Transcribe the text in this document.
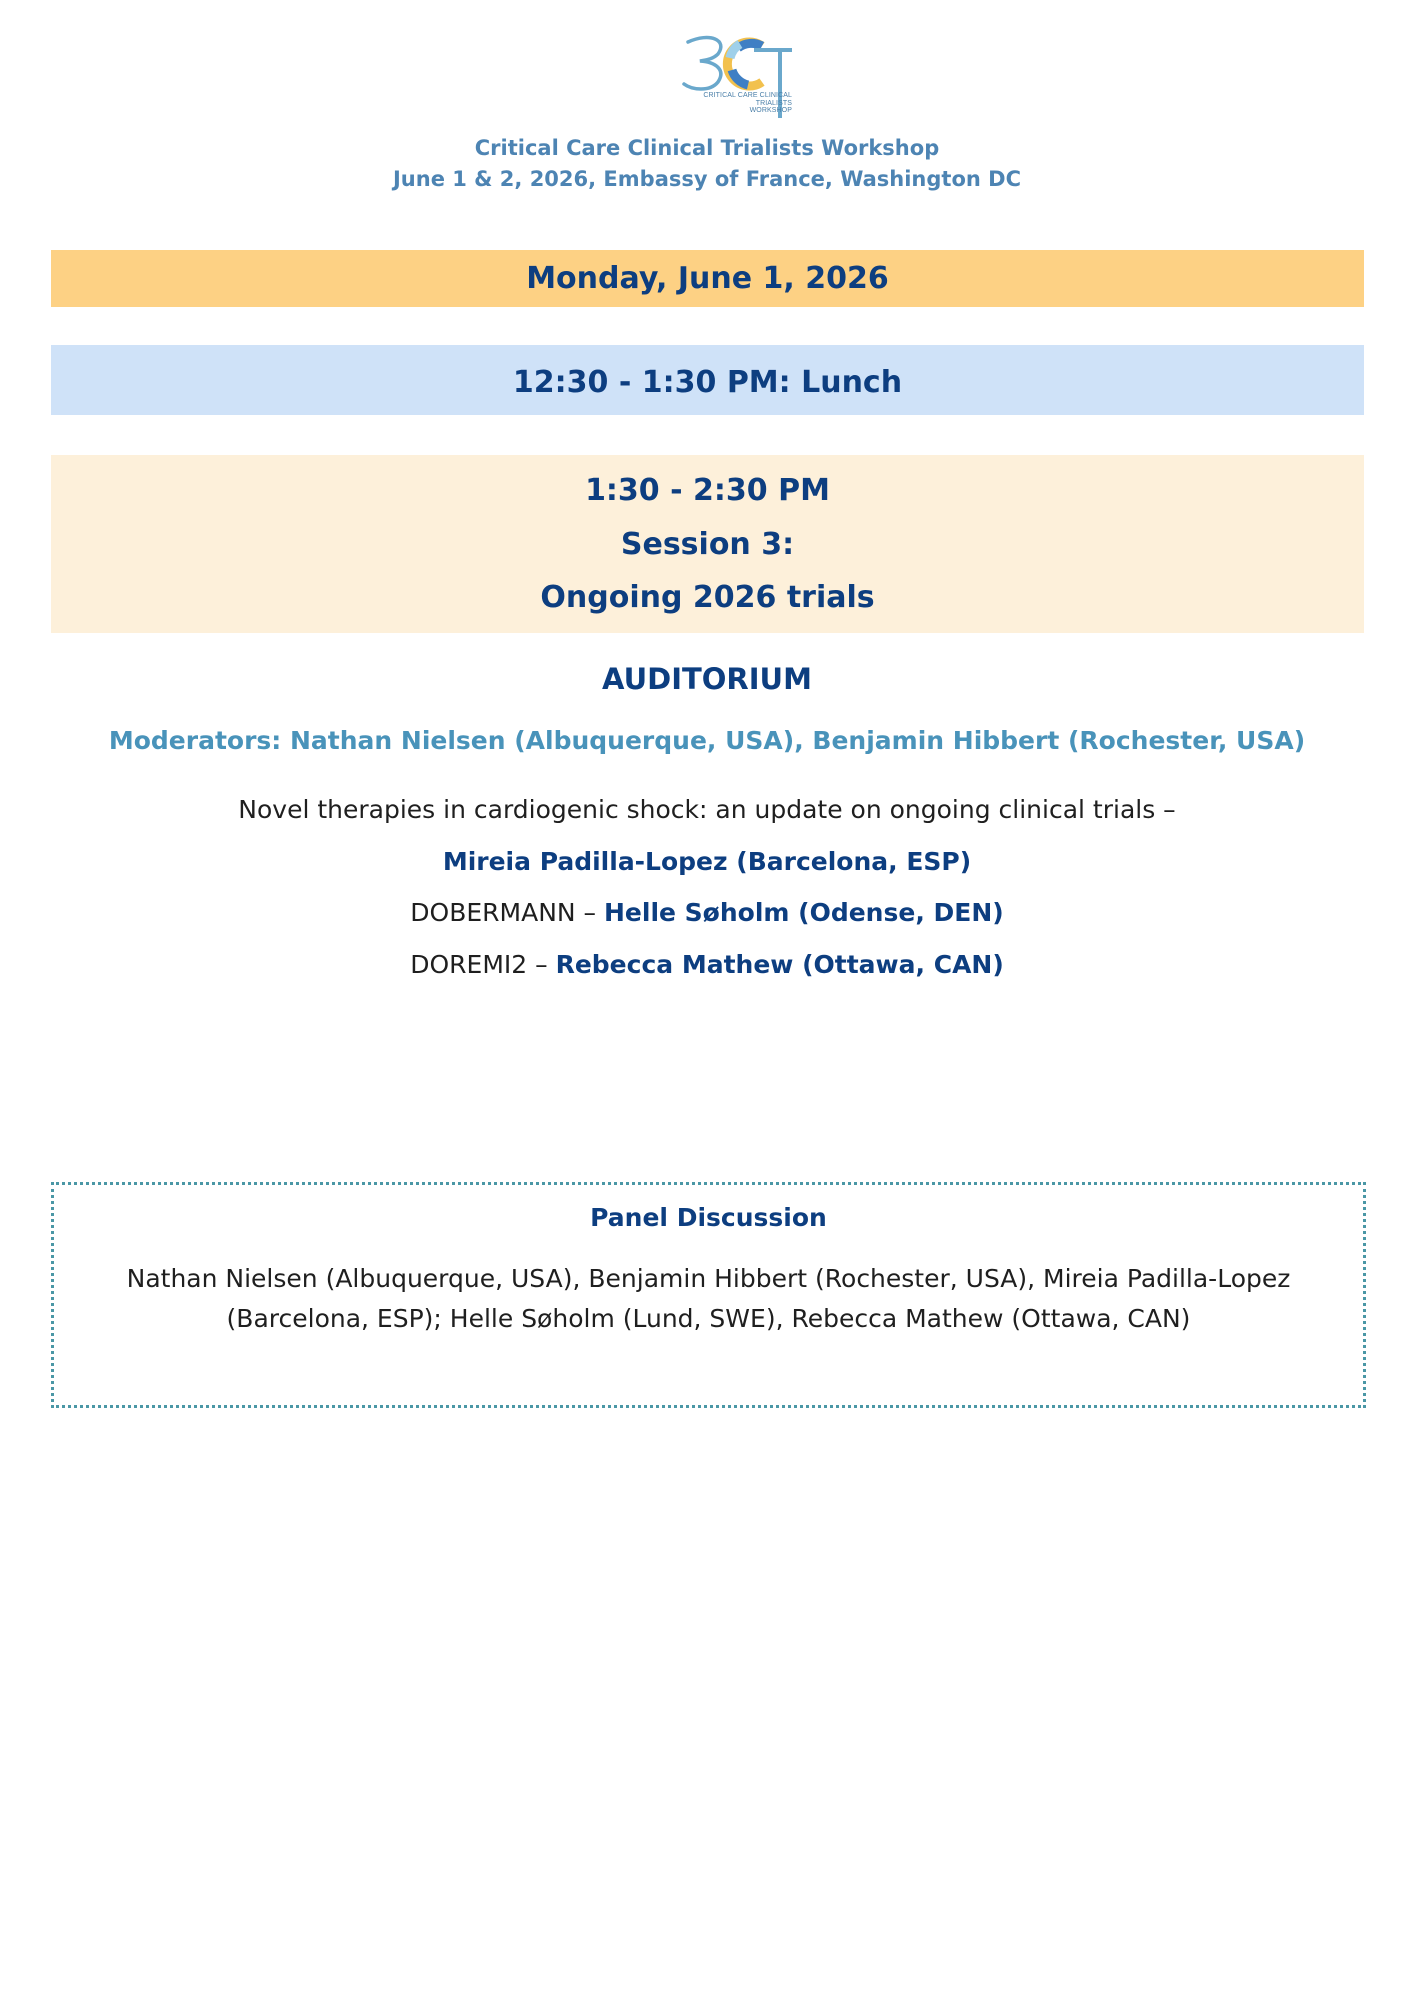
CRITICAL CARE CLINICAL
TRIALISTS
WORKSHOP
Critical Care Clinical Trialists Workshop
June 1 & 2, 2026, Embassy of France, Washington DC
Monday, June 1, 2026
12:30 - 1:30 PM: Lunch
1:30 - 2:30 PM
Session 3:
Ongoing 2026 trials
AUDITORIUM
Moderators: Nathan Nielsen (Albuquerque, USA), Benjamin Hibbert (Rochester, USA)
Novel therapies in cardiogenic shock: an update on ongoing clinical trials –
Mireia Padilla-Lopez (Barcelona, ESP)
DOBERMANN – Helle Søholm (Odense, DEN)
DOREMI2 – Rebecca Mathew (Ottawa, CAN)
Panel Discussion
Nathan Nielsen (Albuquerque, USA), Benjamin Hibbert (Rochester, USA), Mireia Padilla-Lopez
(Barcelona, ESP); Helle Søholm (Lund, SWE), Rebecca Mathew (Ottawa, CAN)
